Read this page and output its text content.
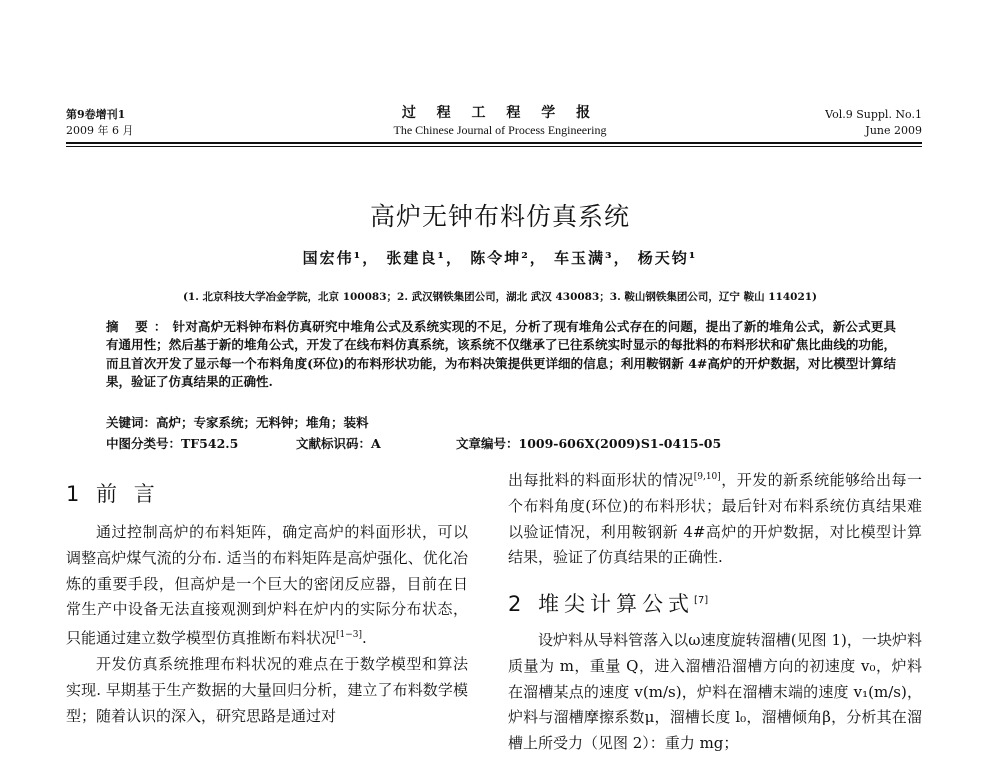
第9卷增刊1
2009 年 6 月
过 程 工 程 学 报
The Chinese Journal of Process Engineering
Vol.9 Suppl. No.1
June 2009
高炉无钟布料仿真系统
国宏伟¹， 张建良¹， 陈令坤²， 车玉满³， 杨天钧¹
(1. 北京科技大学冶金学院，北京 100083；2. 武汉钢铁集团公司，湖北 武汉 430083；3. 鞍山钢铁集团公司，辽宁 鞍山 114021)
摘 要：针对高炉无料钟布料仿真研究中堆角公式及系统实现的不足，分析了现有堆角公式存在的问题，提出了新的堆角公式，新公式更具有通用性；然后基于新的堆角公式，开发了在线布料仿真系统，该系统不仅继承了已往系统实时显示的每批料的布料形状和矿焦比曲线的功能，而且首次开发了显示每一个布料角度(环位)的布料形状功能，为布料决策提供更详细的信息；利用鞍钢新 4#高炉的开炉数据，对比模型计算结果，验证了仿真结果的正确性.
关键词：高炉；专家系统；无料钟；堆角；装料
中图分类号：TF542.5	文献标识码：A	文章编号：1009-606X(2009)S1-0415-05
1 前 言

通过控制高炉的布料矩阵，确定高炉的料面形状，可以调整高炉煤气流的分布. 适当的布料矩阵是高炉强化、优化冶炼的重要手段，但高炉是一个巨大的密闭反应器，目前在日常生产中设备无法直接观测到炉料在炉内的实际分布状态，只能通过建立数学模型仿真推断布料状况[1−3].

开发仿真系统推理布料状况的难点在于数学模型和算法实现. 早期基于生产数据的大量回归分析，建立了布料数学模型；随着认识的深入，研究思路是通过对

出每批料的料面形状的情况[9,10]，开发的新系统能够给出每一个布料角度(环位)的布料形状；最后针对布料系统仿真结果难以验证情况，利用鞍钢新 4#高炉的开炉数据，对比模型计算结果，验证了仿真结果的正确性.

2 堆尖计算公式[7]

设炉料从导料管落入以ω速度旋转溜槽(见图 1)，一块炉料质量为 m，重量 Q，进入溜槽沿溜槽方向的初速度 v₀，炉料在溜槽某点的速度 v(m/s)，炉料在溜槽末端的速度 v₁(m/s)，炉料与溜槽摩擦系数μ，溜槽长度 l₀，溜槽倾角β，分析其在溜槽上所受力（见图 2）：重力 mg；
